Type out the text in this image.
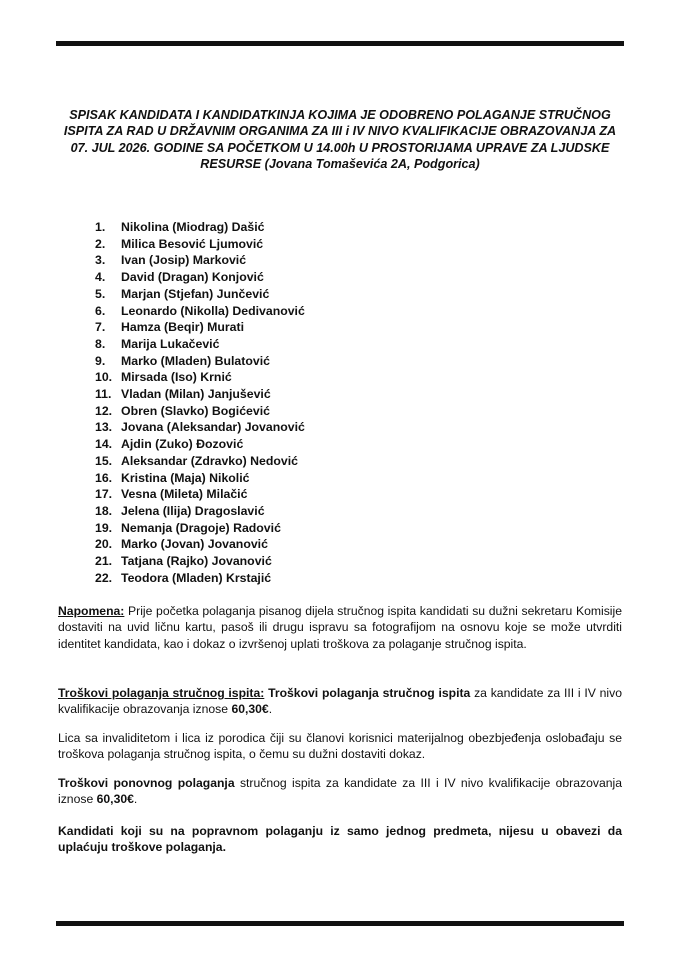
SPISAK KANDIDATA I KANDIDATKINJA KOJIMA JE ODOBRENO POLAGANJE STRUČNOG ISPITA ZA RAD U DRŽAVNIM ORGANIMA ZA III i IV NIVO KVALIFIKACIJE OBRAZOVANJA ZA 07. JUL 2026. GODINE SA POČETKOM U 14.00h U PROSTORIJAMA UPRAVE ZA LJUDSKE RESURSE (Jovana Tomaševića 2A, Podgorica)
1.	Nikolina (Miodrag) Dašić
2.	Milica Besović Ljumović
3.	Ivan (Josip) Marković
4.	David (Dragan) Konjović
5.	Marjan (Stjefan) Junčević
6.	Leonardo (Nikolla) Dedivanović
7.	Hamza (Beqir) Murati
8.	Marija Lukačević
9.	Marko (Mladen) Bulatović
10. Mirsada (Iso) Krnić
11. Vladan (Milan) Janjušević
12. Obren (Slavko) Bogićević
13. Jovana (Aleksandar) Jovanović
14. Ajdin (Zuko) Đozović
15. Aleksandar (Zdravko) Nedović
16. Kristina (Maja) Nikolić
17. Vesna (Mileta) Milačić
18. Jelena (Ilija) Dragoslavić
19. Nemanja (Dragoje) Radović
20. Marko (Jovan) Jovanović
21. Tatjana (Rajko) Jovanović
22. Teodora (Mladen) Krstajić

Napomena: Prije početka polaganja pisanog dijela stručnog ispita kandidati su dužni sekretaru Komisije dostaviti na uvid ličnu kartu, pasoš ili drugu ispravu sa fotografijom na osnovu koje se može utvrditi identitet kandidata, kao i dokaz o izvršenoj uplati troškova za polaganje stručnog ispita.

Troškovi polaganja stručnog ispita: Troškovi polaganja stručnog ispita za kandidate za III i IV nivo kvalifikacije obrazovanja iznose 60,30€.

Lica sa invaliditetom i lica iz porodica čiji su članovi korisnici materijalnog obezbjeđenja oslobađaju se troškova polaganja stručnog ispita, o čemu su dužni dostaviti dokaz.

Troškovi ponovnog polaganja stručnog ispita za kandidate za III i IV nivo kvalifikacije obrazovanja iznose 60,30€.

Kandidati koji su na popravnom polaganju iz samo jednog predmeta, nijesu u obavezi da uplaćuju troškove polaganja.
